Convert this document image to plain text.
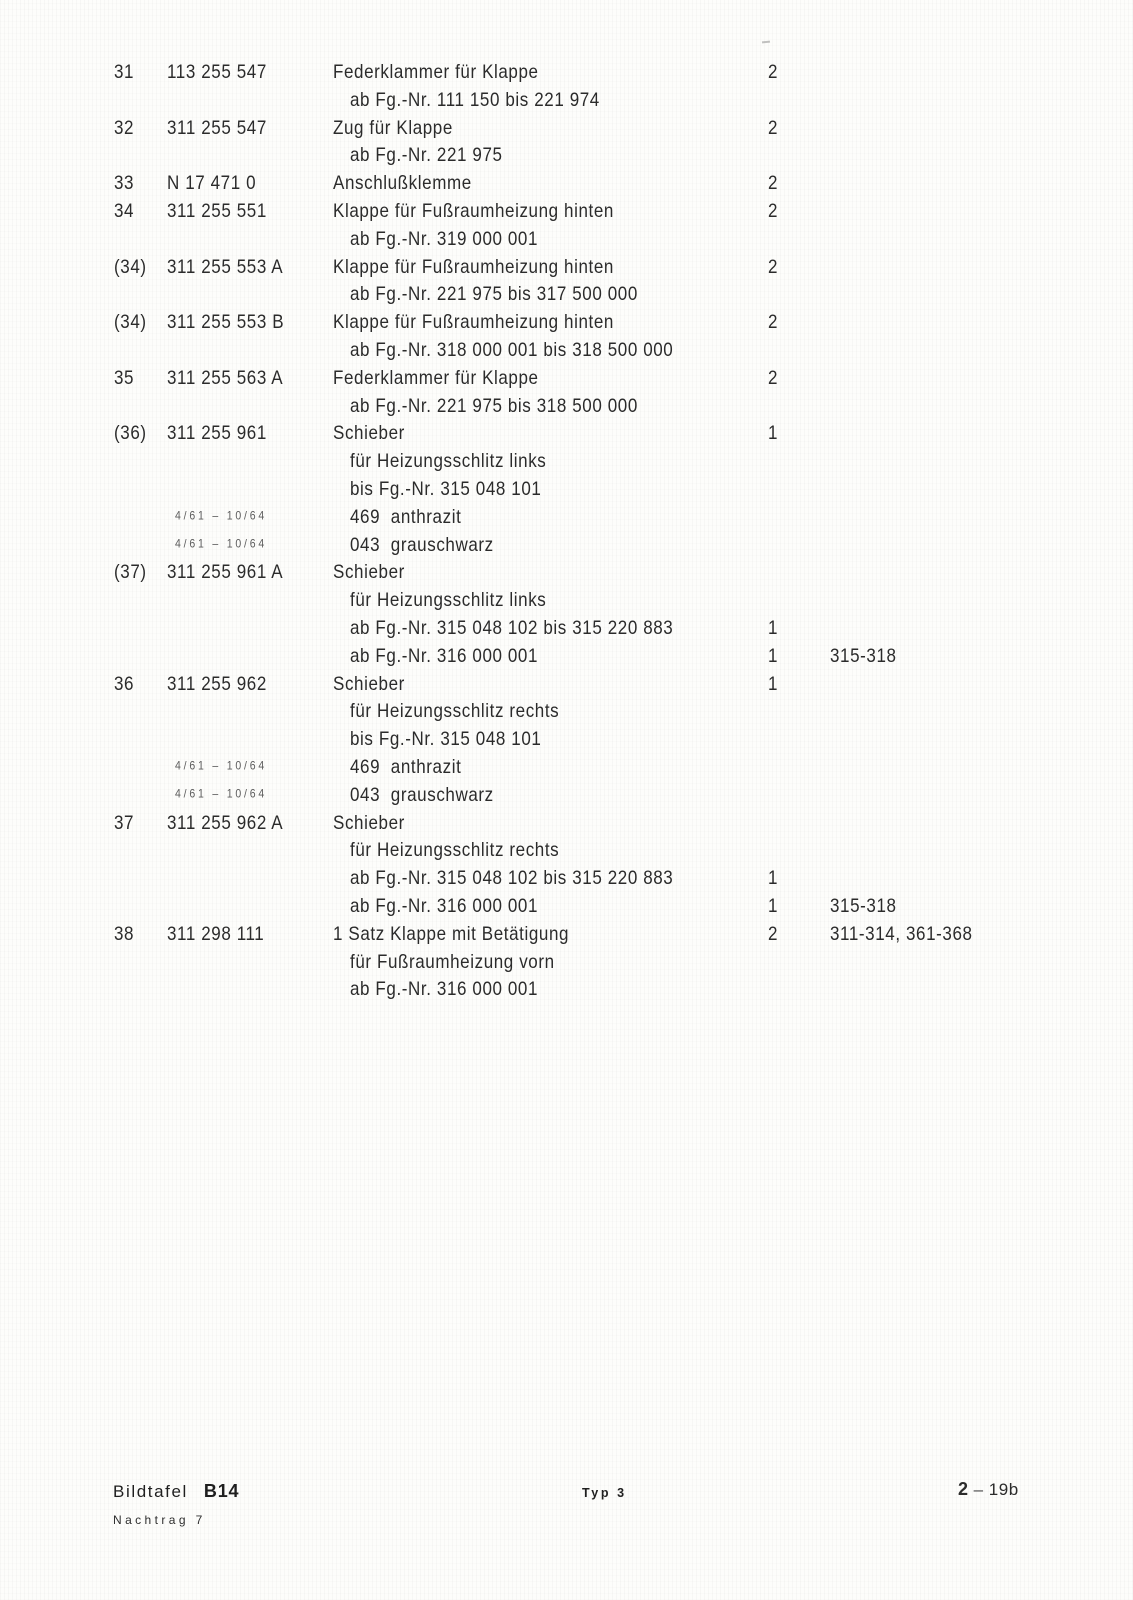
31	113 255 547	Federklammer für Klappe	2
ab Fg.-Nr. 111 150 bis 221 974
32	311 255 547	Zug für Klappe	2
ab Fg.-Nr. 221 975
33	N 17 471 0	Anschlußklemme	2
34	311 255 551	Klappe für Fußraumheizung hinten	2
ab Fg.-Nr. 319 000 001
(34)	311 255 553 A	Klappe für Fußraumheizung hinten	2
ab Fg.-Nr. 221 975 bis 317 500 000
(34)	311 255 553 B	Klappe für Fußraumheizung hinten	2
ab Fg.-Nr. 318 000 001 bis 318 500 000
35	311 255 563 A	Federklammer für Klappe	2
ab Fg.-Nr. 221 975 bis 318 500 000
(36)	311 255 961	Schieber	1
für Heizungsschlitz links
bis Fg.-Nr. 315 048 101
4/61 – 10/64	469  anthrazit
4/61 – 10/64	043  grauschwarz
(37)	311 255 961 A	Schieber
für Heizungsschlitz links
ab Fg.-Nr. 315 048 102 bis 315 220 883	1
ab Fg.-Nr. 316 000 001	1	315-318
36	311 255 962	Schieber	1
für Heizungsschlitz rechts
bis Fg.-Nr. 315 048 101
4/61 – 10/64	469  anthrazit
4/61 – 10/64	043  grauschwarz
37	311 255 962 A	Schieber
für Heizungsschlitz rechts
ab Fg.-Nr. 315 048 102 bis 315 220 883	1
ab Fg.-Nr. 316 000 001	1	315-318
38	311 298 111	1 Satz Klappe mit Betätigung	2	311-314, 361-368
für Fußraumheizung vorn
ab Fg.-Nr. 316 000 001
Bildtafel B14
Nachtrag 7
Typ 3	2 – 19b
